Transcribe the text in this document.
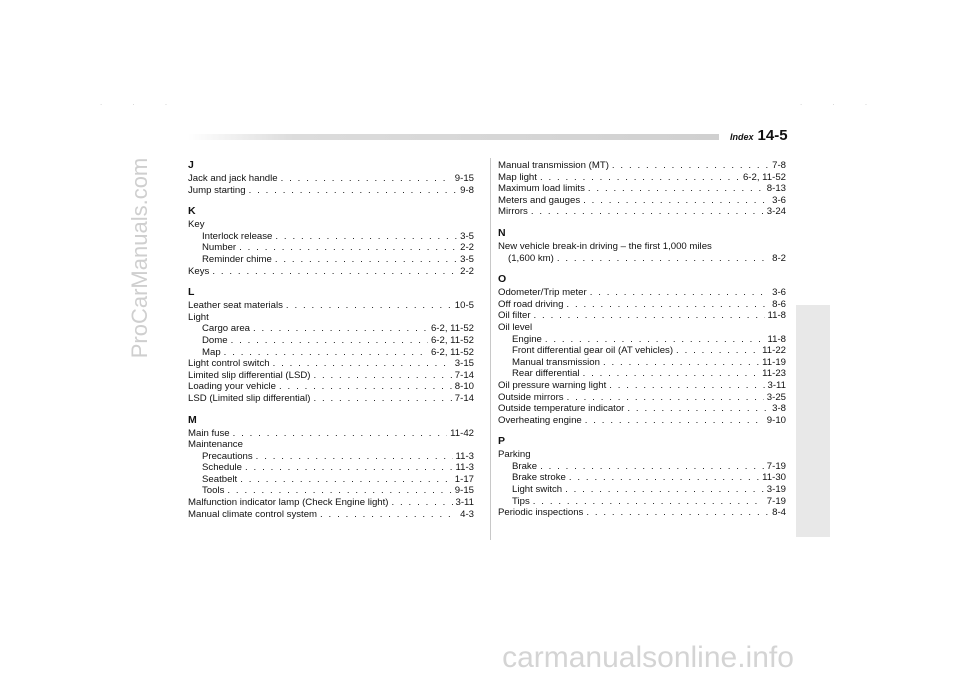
ProCarManuals.com
. . .	. . .
Index 14-5
J
Jack and jack handle . . .	9-15
Jump starting . . .	9-8
K
Key
Interlock release . . .	3-5
Number . . .	2-2
Reminder chime . . .	3-5
Keys . . .	2-2
L
Leather seat materials . . .	10-5
Light
Cargo area . . .	6-2, 11-52
Dome . . .	6-2, 11-52
Map . . .	6-2, 11-52
Light control switch . . .	3-15
Limited slip differential (LSD) . . .	7-14
Loading your vehicle . . .	8-10
LSD (Limited slip differential) . . .	7-14
M
Main fuse . . .	11-42
Maintenance
Precautions . . .	11-3
Schedule . . .	11-3
Seatbelt . . .	1-17
Tools . . .	9-15
Malfunction indicator lamp (Check Engine light) . . .	3-11
Manual climate control system . . .	4-3
Manual transmission (MT) . . .	7-8
Map light . . .	6-2, 11-52
Maximum load limits . . .	8-13
Meters and gauges . . .	3-6
Mirrors . . .	3-24
N
New vehicle break-in driving – the first 1,000 miles
(1,600 km) . . .	8-2
O
Odometer/Trip meter . . .	3-6
Off road driving . . .	8-6
Oil filter . . .	11-8
Oil level
Engine . . .	11-8
Front differential gear oil (AT vehicles) . . .	11-22
Manual transmission . . .	11-19
Rear differential . . .	11-23
Oil pressure warning light . . .	3-11
Outside mirrors . . .	3-25
Outside temperature indicator . . .	3-8
Overheating engine . . .	9-10
P
Parking
Brake . . .	7-19
Brake stroke . . .	11-30
Light switch . . .	3-19
Tips . . .	7-19
Periodic inspections . . .	8-4
carmanualsonline.info
